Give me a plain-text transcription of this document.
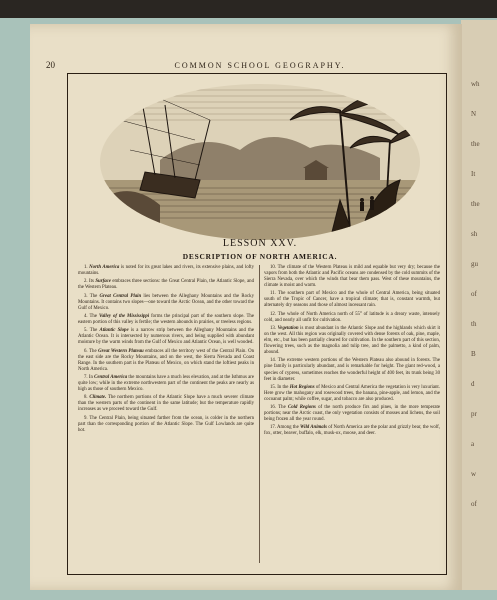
wh
N
the
It
the
sh
gu
of
th
B
d
pr
a
w
of
20	COMMON SCHOOL GEOGRAPHY.
LESSON XXV.
DESCRIPTION OF NORTH AMERICA.

1. North America is noted for its great lakes and rivers, its extensive plains, and lofty mountains.

2. Its Surface embraces three sections: the Great Central Plain, the Atlantic Slope, and the Western Plateau.

3. The Great Central Plain lies between the Alleghany Mountains and the Rocky Mountains. It contains two slopes—one toward the Arctic Ocean, and the other toward the Gulf of Mexico.

4. The Valley of the Mississippi forms the principal part of the southern slope. The eastern portion of this valley is fertile; the western abounds in prairies, or treeless regions.

5. The Atlantic Slope is a narrow strip between the Alleghany Mountains and the Atlantic Ocean. It is intersected by numerous rivers, and being supplied with abundant moisture by the warm winds from the Gulf of Mexico and Atlantic Ocean, is well wooded.

6. The Great Western Plateau embraces all the territory west of the Central Plain. On the east side are the Rocky Mountains, and on the west, the Sierra Nevada and Coast Range. In the southern part is the Plateau of Mexico, on which stand the loftiest peaks in North America.

7. In Central America the mountains have a much less elevation, and at the Isthmus are quite low; while in the extreme northwestern part of the continent the peaks are nearly as high as those of southern Mexico.

8. Climate. The northern portions of the Atlantic Slope have a much severer climate than the western parts of the continent in the same latitude; but the temperature rapidly increases as we proceed toward the Gulf.

9. The Central Plain, being situated farther from the ocean, is colder in the northern part than the corresponding portion of the Atlantic Slope. The Gulf Lowlands are quite hot.

10. The climate of the Western Plateau is mild and equable but very dry; because the vapors from both the Atlantic and Pacific oceans are condensed by the cold summits of the Sierra Nevada, over which the winds that bear them pass. West of these mountains, the climate is moist and warm.

11. The southern part of Mexico and the whole of Central America, being situated south of the Tropic of Cancer, have a tropical climate; that is, constant warmth, but alternately dry seasons and those of almost incessant rain.

12. The whole of North America north of 55° of latitude is a dreary waste, intensely cold, and nearly all unfit for cultivation.

13. Vegetation is most abundant in the Atlantic Slope and the highlands which skirt it on the west. All this region was originally covered with dense forests of oak, pine, maple, elm, etc., but has been partially cleared for cultivation. In the southern part of this section, flowering trees, such as the magnolia and tulip tree, and the palmetto, a kind of palm, abound.

14. The extreme western portions of the Western Plateau also abound in forests. The pine family is particularly abundant, and is remarkable for height. The giant red-wood, a species of cypress, sometimes reaches the wonderful height of 400 feet, its trunk being 30 feet in diameter.

15. In the Hot Regions of Mexico and Central America the vegetation is very luxuriant. Here grow the mahogany and rosewood trees, the banana, pine-apple, and lemon, and the cocoanut palm; while coffee, sugar, and tobacco are also produced.

16. The Cold Regions of the north produce firs and pines, in the more temperate portions; near the Arctic coast, the only vegetation consists of mosses and lichens, the soil being frozen all the year round.

17. Among the Wild Animals of North America are the polar and grizzly bear, the wolf, fox, otter, beaver, buffalo, elk, musk-ox, moose, and deer.
